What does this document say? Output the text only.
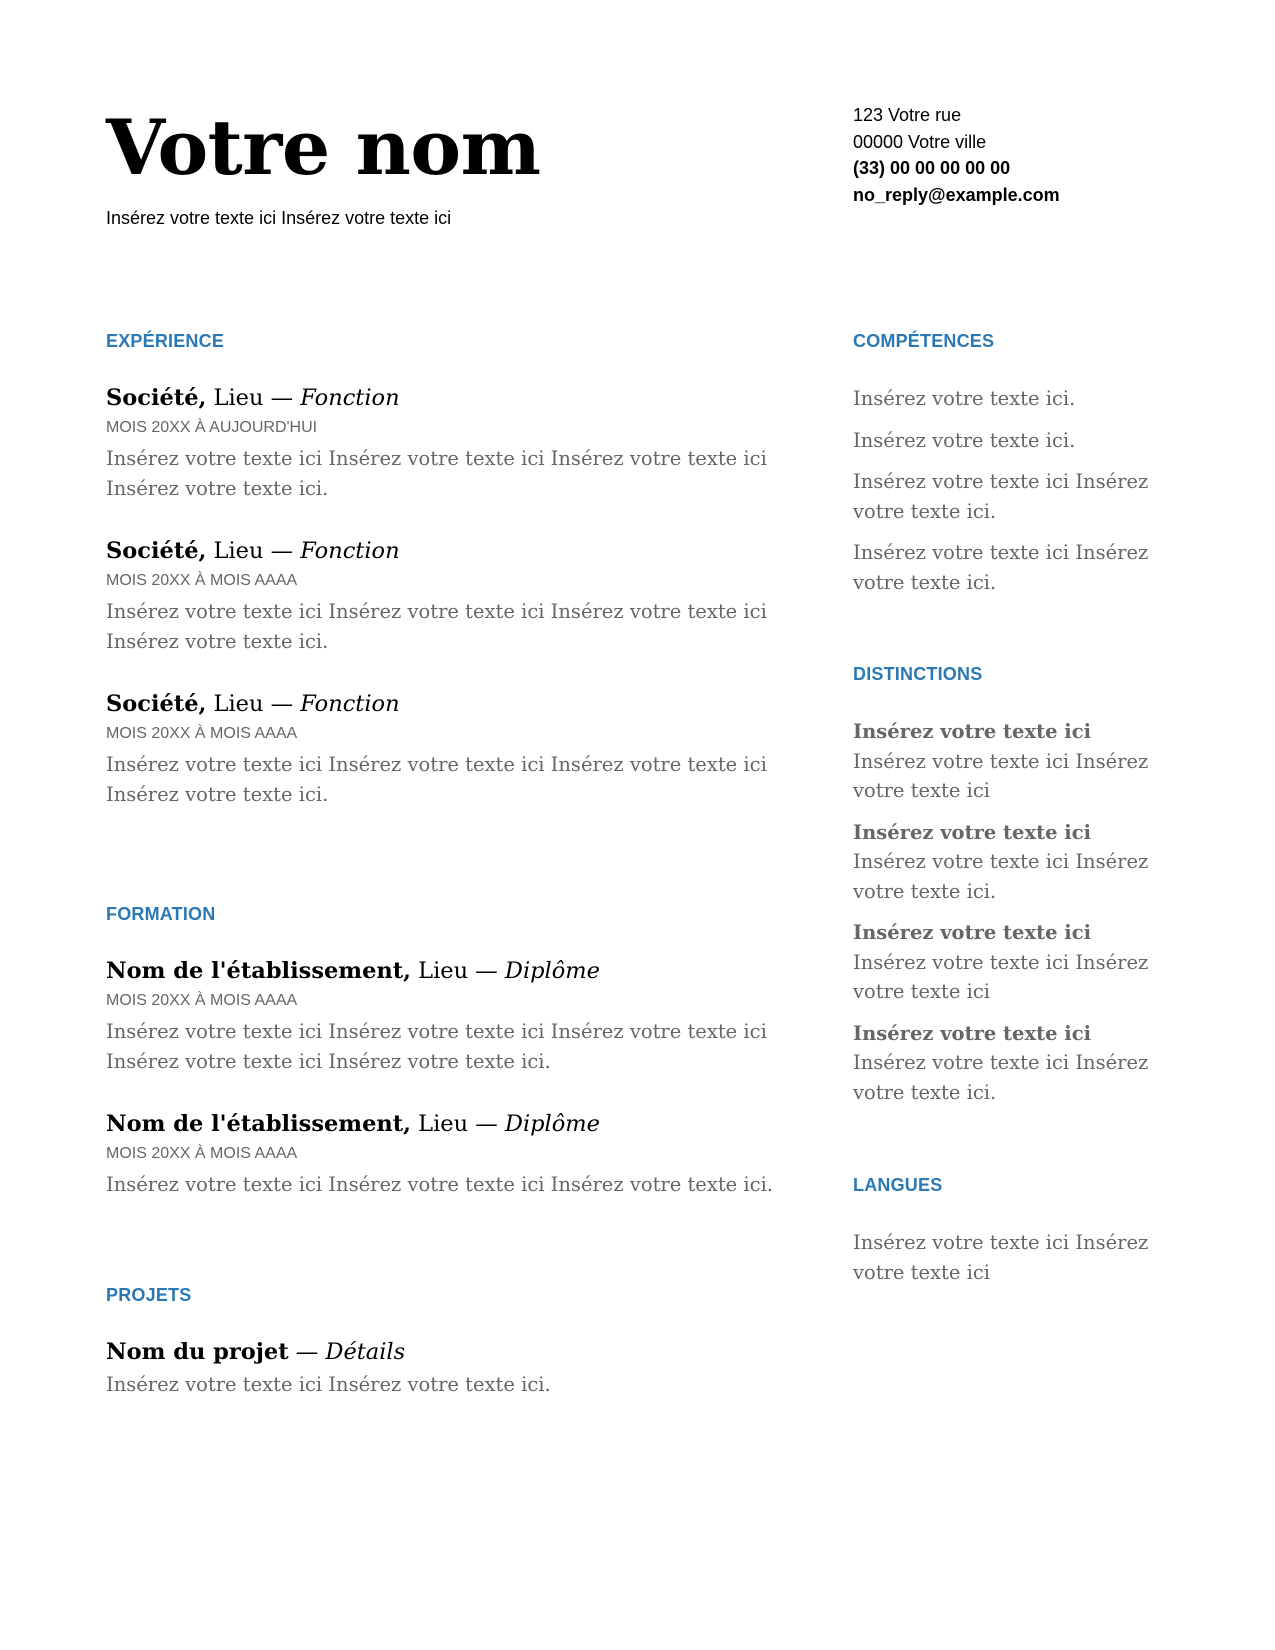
Votre nom
Insérez votre texte ici Insérez votre texte ici
123 Votre rue
00000 Votre ville
(33) 00 00 00 00 00
no_reply@example.com
EXPÉRIENCE
Société, Lieu — Fonction
MOIS 20XX À AUJOURD'HUI
Insérez votre texte ici Insérez votre texte ici Insérez votre texte ici Insérez votre texte ici.
Société, Lieu — Fonction
MOIS 20XX À MOIS AAAA
Insérez votre texte ici Insérez votre texte ici Insérez votre texte ici Insérez votre texte ici.
Société, Lieu — Fonction
MOIS 20XX À MOIS AAAA
Insérez votre texte ici Insérez votre texte ici Insérez votre texte ici Insérez votre texte ici.
FORMATION
Nom de l'établissement, Lieu — Diplôme
MOIS 20XX À MOIS AAAA
Insérez votre texte ici Insérez votre texte ici Insérez votre texte ici Insérez votre texte ici Insérez votre texte ici.
Nom de l'établissement, Lieu — Diplôme
MOIS 20XX À MOIS AAAA
Insérez votre texte ici Insérez votre texte ici Insérez votre texte ici.
PROJETS
Nom du projet — Détails
Insérez votre texte ici Insérez votre texte ici.
COMPÉTENCES
Insérez votre texte ici.
Insérez votre texte ici.
Insérez votre texte ici Insérez votre texte ici.
Insérez votre texte ici Insérez votre texte ici.
DISTINCTIONS
Insérez votre texte ici Insérez votre texte ici Insérez votre texte ici
Insérez votre texte ici Insérez votre texte ici Insérez votre texte ici.
Insérez votre texte ici Insérez votre texte ici Insérez votre texte ici
Insérez votre texte ici Insérez votre texte ici Insérez votre texte ici.
LANGUES
Insérez votre texte ici Insérez votre texte ici
